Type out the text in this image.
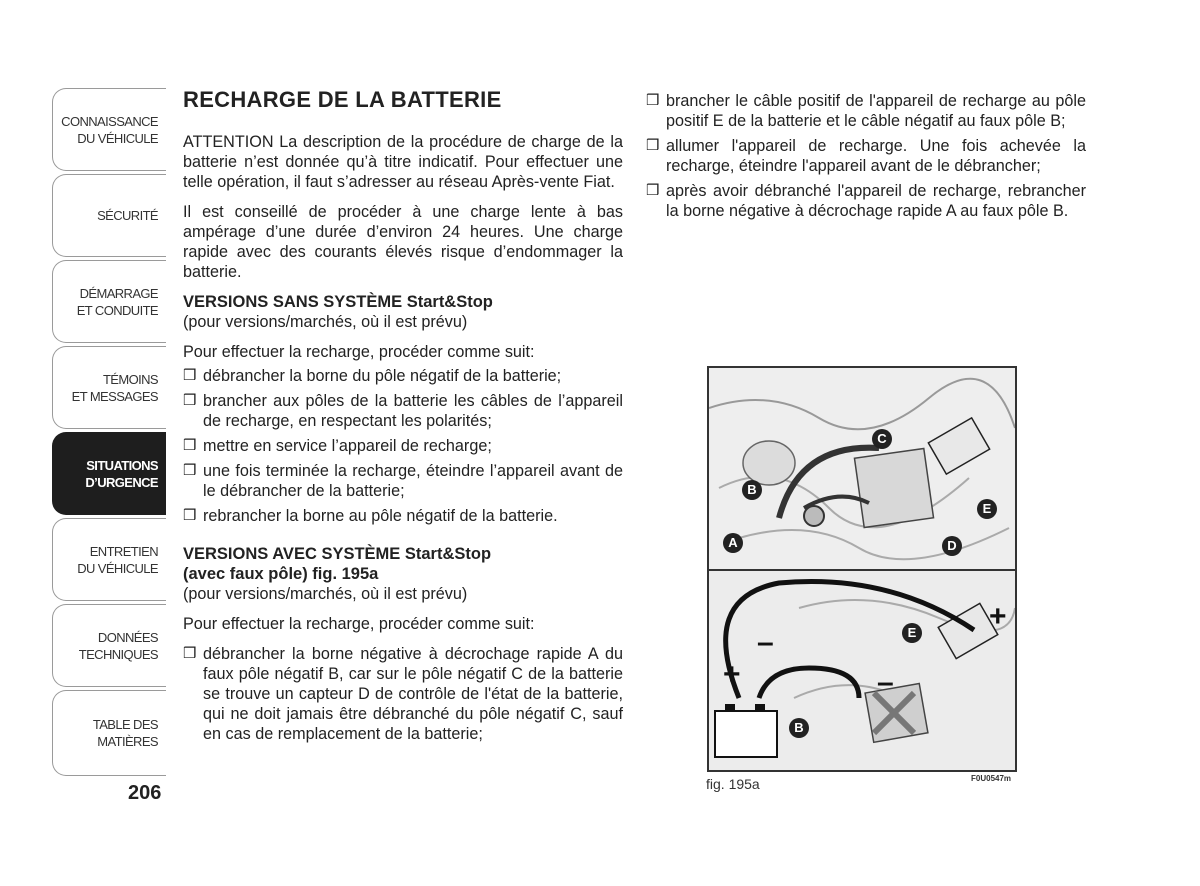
CONNAISSANCE
DU VÉHICULE
SÉCURITÉ
DÉMARRAGE
ET CONDUITE
TÉMOINS
ET MESSAGES
SITUATIONS
D’URGENCE
ENTRETIEN
DU VÉHICULE
DONNÉES
TECHNIQUES
TABLE DES MATIÈRES
206
RECHARGE DE LA BATTERIE

ATTENTION La description de la procédure de charge de la batterie n’est donnée qu’à titre indicatif. Pour effectuer une telle opération, il faut s’adresser au réseau Après-vente Fiat.

Il est conseillé de procéder à une charge lente à bas ampérage d’une durée d’environ 24 heures. Une charge rapide avec des courants élevés risque d’endommager la batterie.

VERSIONS SANS SYSTÈME Start&Stop
(pour versions/marchés, où il est prévu)

Pour effectuer la recharge, procéder comme suit:

❒ débrancher la borne du pôle négatif de la batterie;
❒ brancher aux pôles de la batterie les câbles de l’appareil de recharge, en respectant les polarités;
❒ mettre en service l’appareil de recharge;
❒ une fois terminée la recharge, éteindre l’appareil avant de le débrancher de la batterie;
❒ rebrancher la borne au pôle négatif de la batterie.
VERSIONS AVEC SYSTÈME Start&Stop
(avec faux pôle) fig. 195a
(pour versions/marchés, où il est prévu)

Pour effectuer la recharge, procéder comme suit:

❒ débrancher la borne négative à décrochage rapide A du faux pôle négatif B, car sur le pôle négatif C de la batterie se trouve un capteur D de contrôle de l'état de la batterie, qui ne doit jamais être débranché du pôle négatif C, sauf en cas de remplacement de la batterie;
❒ brancher le câble positif de l'appareil de recharge au pôle positif E de la batterie et le câble négatif au faux pôle B;
❒ allumer l'appareil de recharge. Une fois achevée la recharge, éteindre l'appareil avant de le débrancher;
❒ après avoir débranché l'appareil de recharge, rebrancher la borne négative à décrochage rapide A au faux pôle B.
+
–
+
–
C
B
E
A	D
E
B
fig. 195a	F0U0547m
